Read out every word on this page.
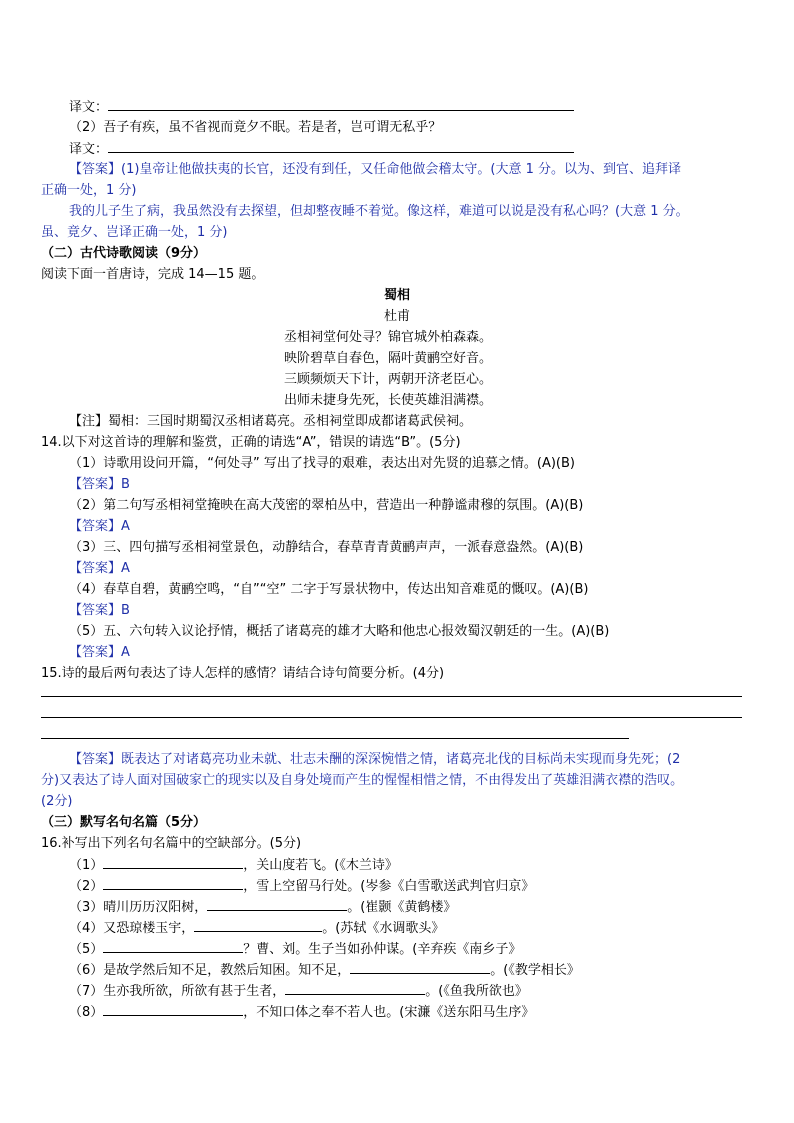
译文：
（2）吾子有疾，虽不省视而竟夕不眠。若是者，岂可谓无私乎？
译文：
【答案】(1)皇帝让他做扶夷的长官，还没有到任，又任命他做会稽太守。(大意 1 分。以为、到官、追拜译
正确一处，1 分)
我的儿子生了病，我虽然没有去探望，但却整夜睡不着觉。像这样，难道可以说是没有私心吗？(大意 1 分。
虽、竟夕、岂译正确一处，1 分)
（二）古代诗歌阅读（9分）
阅读下面一首唐诗，完成 14—15 题。
蜀相
杜甫
丞相祠堂何处寻？锦官城外柏森森。
映阶碧草自春色，隔叶黄鹂空好音。
三顾频烦天下计，两朝开济老臣心。
出师未捷身先死，长使英雄泪满襟。
【注】蜀相：三国时期蜀汉丞相诸葛亮。丞相祠堂即成都诸葛武侯祠。
14.以下对这首诗的理解和鉴赏，正确的请选“A”，错误的请选“B”。(5分)
（1）诗歌用设问开篇，“何处寻” 写出了找寻的艰难，表达出对先贤的追慕之情。(A)(B)
【答案】B
（2）第二句写丞相祠堂掩映在高大茂密的翠柏丛中，营造出一种静谧肃穆的氛围。(A)(B)
【答案】A
（3）三、四句描写丞相祠堂景色，动静结合，春草青青黄鹂声声，一派春意盎然。(A)(B)
【答案】A
（4）春草自碧，黄鹂空鸣，“自”“空” 二字于写景状物中，传达出知音难觅的慨叹。(A)(B)
【答案】B
（5）五、六句转入议论抒情，概括了诸葛亮的雄才大略和他忠心报效蜀汉朝廷的一生。(A)(B)
【答案】A
15.诗的最后两句表达了诗人怎样的感情？请结合诗句简要分析。(4分)
【答案】既表达了对诸葛亮功业未就、壮志未酬的深深惋惜之情，诸葛亮北伐的目标尚未实现而身先死；(2
分)又表达了诗人面对国破家亡的现实以及自身处境而产生的惺惺相惜之情，不由得发出了英雄泪满衣襟的浩叹。
(2分)
（三）默写名句名篇（5分）
16.补写出下列名句名篇中的空缺部分。(5分)
（1）	，关山度若飞。(《木兰诗》
（2）	，雪上空留马行处。(岑参《白雪歌送武判官归京》
（3）晴川历历汉阳树，	。(崔颢《黄鹤楼》
（4）又恐琼楼玉宇，	。(苏轼《水调歌头》
（5）	？曹、刘。生子当如孙仲谋。(辛弃疾《南乡子》
（6）是故学然后知不足，教然后知困。知不足，	。(《教学相长》
（7）生亦我所欲，所欲有甚于生者，	。(《鱼我所欲也》
（8）	，不知口体之奉不若人也。(宋濂《送东阳马生序》
